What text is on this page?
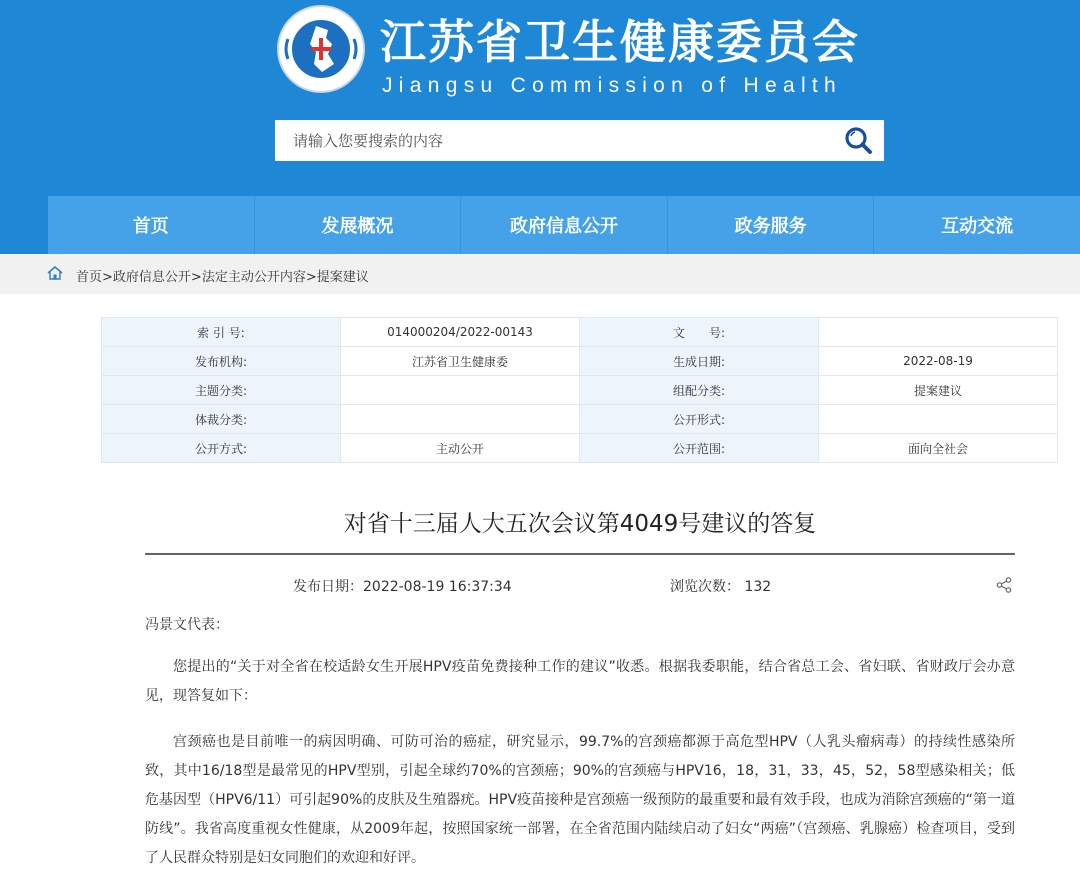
江苏省卫生健康委员会
Jiangsu Commission of Health
请输入您要搜索的内容
首页	发展概况	政府信息公开	政务服务	互动交流
首页>政府信息公开>法定主动公开内容>提案建议
索 引 号:	014000204/2022-00143	文　　号:	
发布机构:	江苏省卫生健康委	生成日期:	2022-08-19
主题分类:		组配分类:	提案建议
体裁分类:		公开形式:	
公开方式:	主动公开	公开范围:	面向全社会
对省十三届人大五次会议第4049号建议的答复
发布日期：2022-08-19 16:37:34	浏览次数： 132
冯景文代表：
您提出的“关于对全省在校适龄女生开展HPV疫苗免费接种工作的建议”收悉。根据我委职能，结合省总工会、省妇联、省财政厅会办意见，现答复如下：
宫颈癌也是目前唯一的病因明确、可防可治的癌症，研究显示，99.7%的宫颈癌都源于高危型HPV（人乳头瘤病毒）的持续性感染所致，其中16/18型是最常见的HPV型别，引起全球约70%的宫颈癌；90%的宫颈癌与HPV16，18，31，33，45，52，58型感染相关；低危基因型（HPV6/11）可引起90%的皮肤及生殖器疣。HPV疫苗接种是宫颈癌一级预防的最重要和最有效手段，也成为消除宫颈癌的“第一道防线”。我省高度重视女性健康，从2009年起，按照国家统一部署，在全省范围内陆续启动了妇女“两癌”（宫颈癌、乳腺癌）检查项目，受到了人民群众特别是妇女同胞们的欢迎和好评。
